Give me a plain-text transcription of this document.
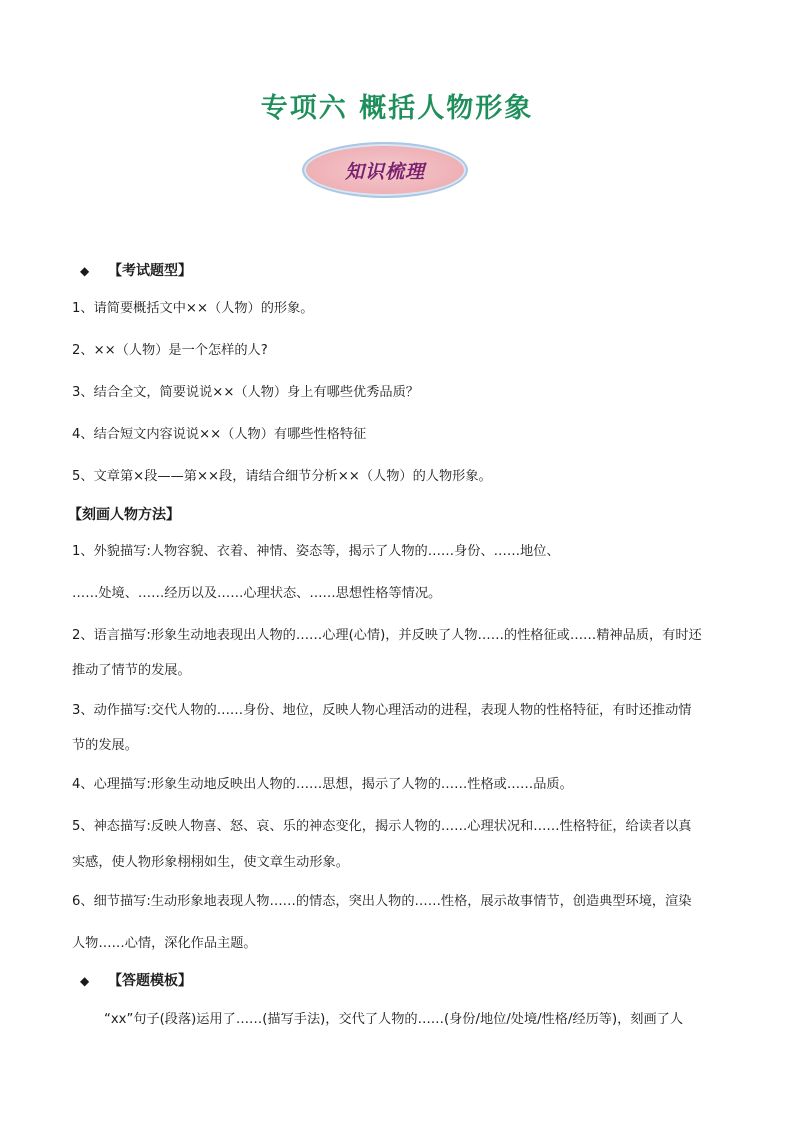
专项六 概括人物形象
知识梳理
◆ 【考试题型】
1、请简要概括文中××（人物）的形象。
2、××（人物）是一个怎样的人?
3、结合全文，简要说说××（人物）身上有哪些优秀品质？
4、结合短文内容说说××（人物）有哪些性格特征
5、文章第×段——第××段，请结合细节分析××（人物）的人物形象。
【刻画人物方法】
1、外貌描写:人物容貌、衣着、神情、姿态等，揭示了人物的……身份、……地位、
……处境、……经历以及……心理状态、……思想性格等情况。
2、语言描写:形象生动地表现出人物的……心理(心情)，并反映了人物……的性格征或……精神品质，有时还
推动了情节的发展。
3、动作描写:交代人物的……身份、地位，反映人物心理活动的进程，表现人物的性格特征，有时还推动情
节的发展。
4、心理描写:形象生动地反映出人物的……思想，揭示了人物的……性格或……品质。
5、神态描写:反映人物喜、怒、哀、乐的神态变化，揭示人物的……心理状况和……性格特征，给读者以真
实感，使人物形象栩栩如生，使文章生动形象。
6、细节描写:生动形象地表现人物……的情态，突出人物的……性格，展示故事情节，创造典型环境，渲染
人物……心情，深化作品主题。
◆ 【答题模板】
“xx”句子(段落)运用了……(描写手法)，交代了人物的……(身份/地位/处境/性格/经历等)，刻画了人
